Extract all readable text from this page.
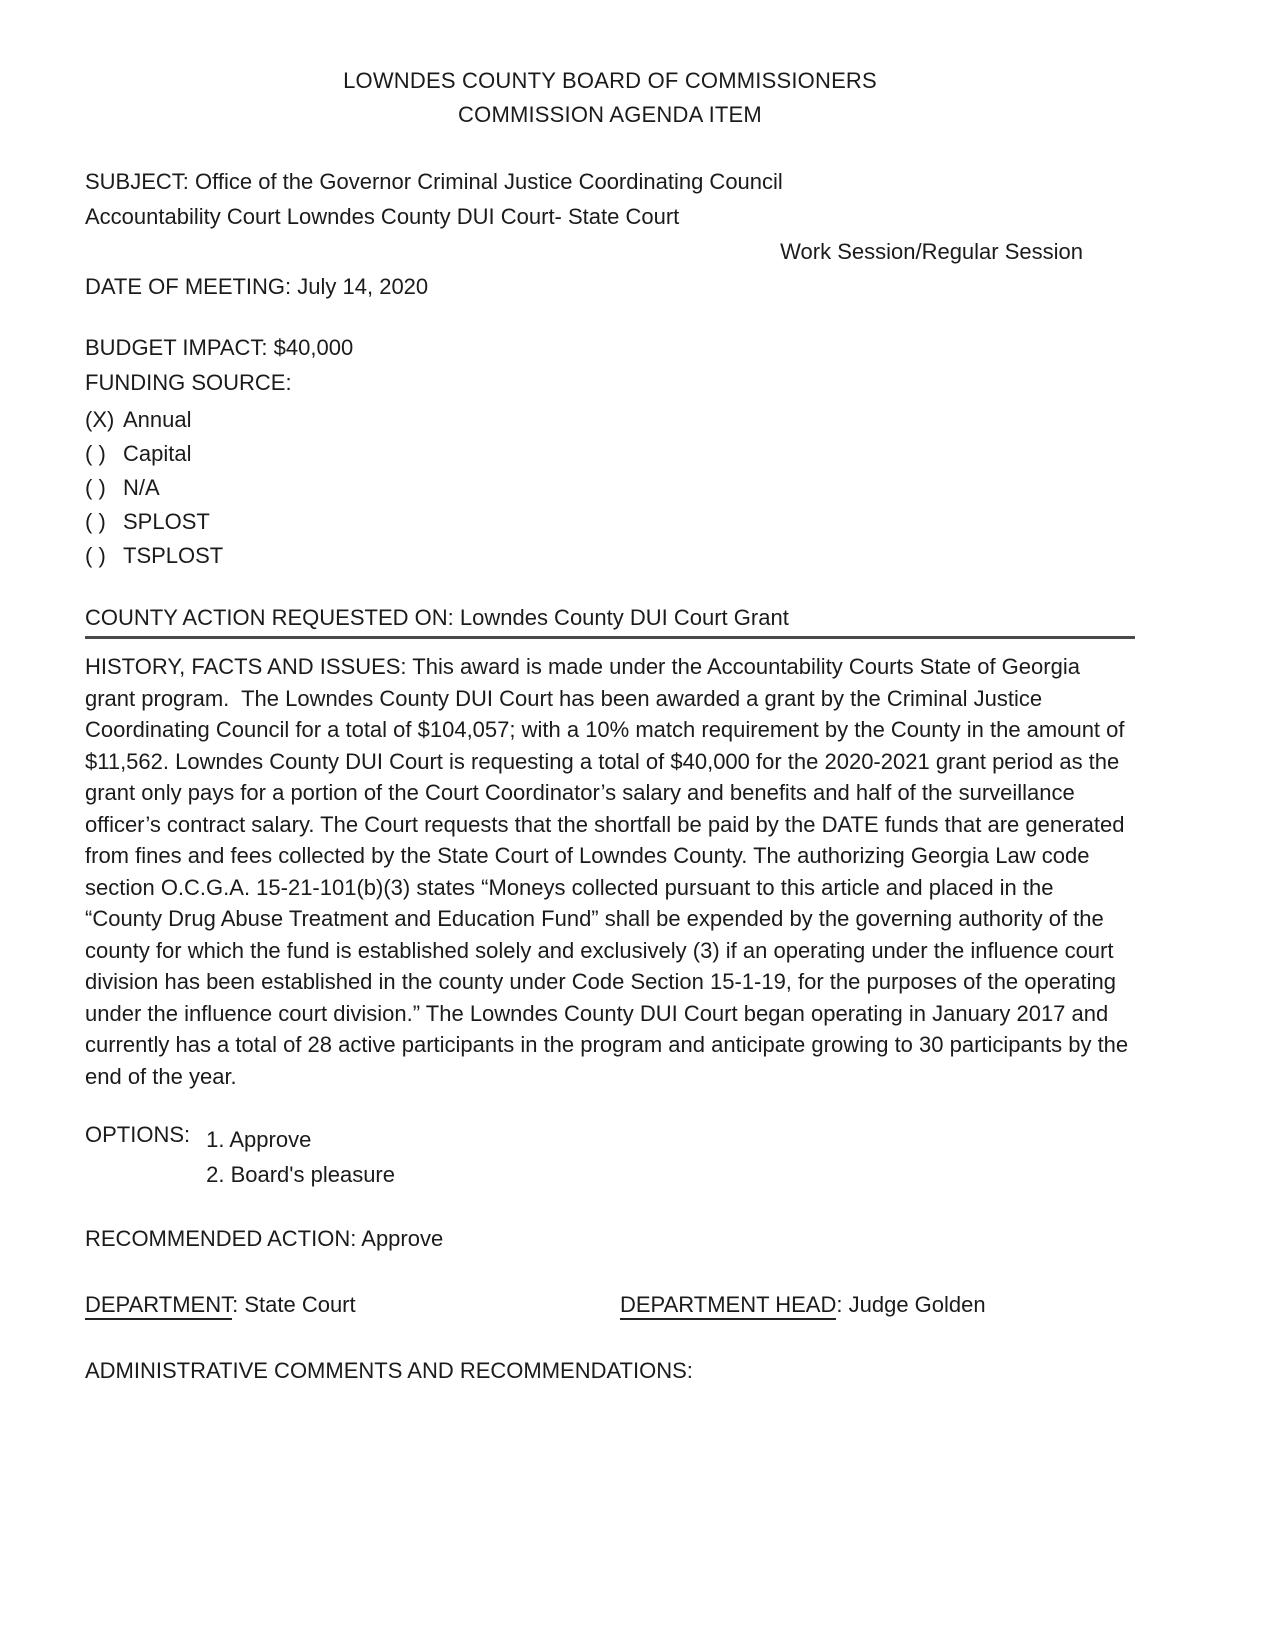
LOWNDES COUNTY BOARD OF COMMISSIONERS
COMMISSION AGENDA ITEM
SUBJECT: Office of the Governor Criminal Justice Coordinating Council
Accountability Court Lowndes County DUI Court- State Court
Work Session/Regular Session
DATE OF MEETING: July 14, 2020
BUDGET IMPACT: $40,000
FUNDING SOURCE:
(X) Annual
( ) Capital
( ) N/A
( ) SPLOST
( ) TSPLOST
COUNTY ACTION REQUESTED ON: Lowndes County DUI Court Grant

HISTORY, FACTS AND ISSUES: This award is made under the Accountability Courts State of Georgia grant program.  The Lowndes County DUI Court has been awarded a grant by the Criminal Justice Coordinating Council for a total of $104,057; with a 10% match requirement by the County in the amount of $11,562. Lowndes County DUI Court is requesting a total of $40,000 for the 2020-2021 grant period as the grant only pays for a portion of the Court Coordinator’s salary and benefits and half of the surveillance officer’s contract salary. The Court requests that the shortfall be paid by the DATE funds that are generated from fines and fees collected by the State Court of Lowndes County. The authorizing Georgia Law code section O.C.G.A. 15-21-101(b)(3) states “Moneys collected pursuant to this article and placed in the “County Drug Abuse Treatment and Education Fund” shall be expended by the governing authority of the county for which the fund is established solely and exclusively (3) if an operating under the influence court division has been established in the county under Code Section 15-1-19, for the purposes of the operating under the influence court division.” The Lowndes County DUI Court began operating in January 2017 and currently has a total of 28 active participants in the program and anticipate growing to 30 participants by the end of the year.

OPTIONS: 1. Approve
2. Board's pleasure
RECOMMENDED ACTION: Approve
DEPARTMENT: State Court	DEPARTMENT HEAD: Judge Golden
ADMINISTRATIVE COMMENTS AND RECOMMENDATIONS:
